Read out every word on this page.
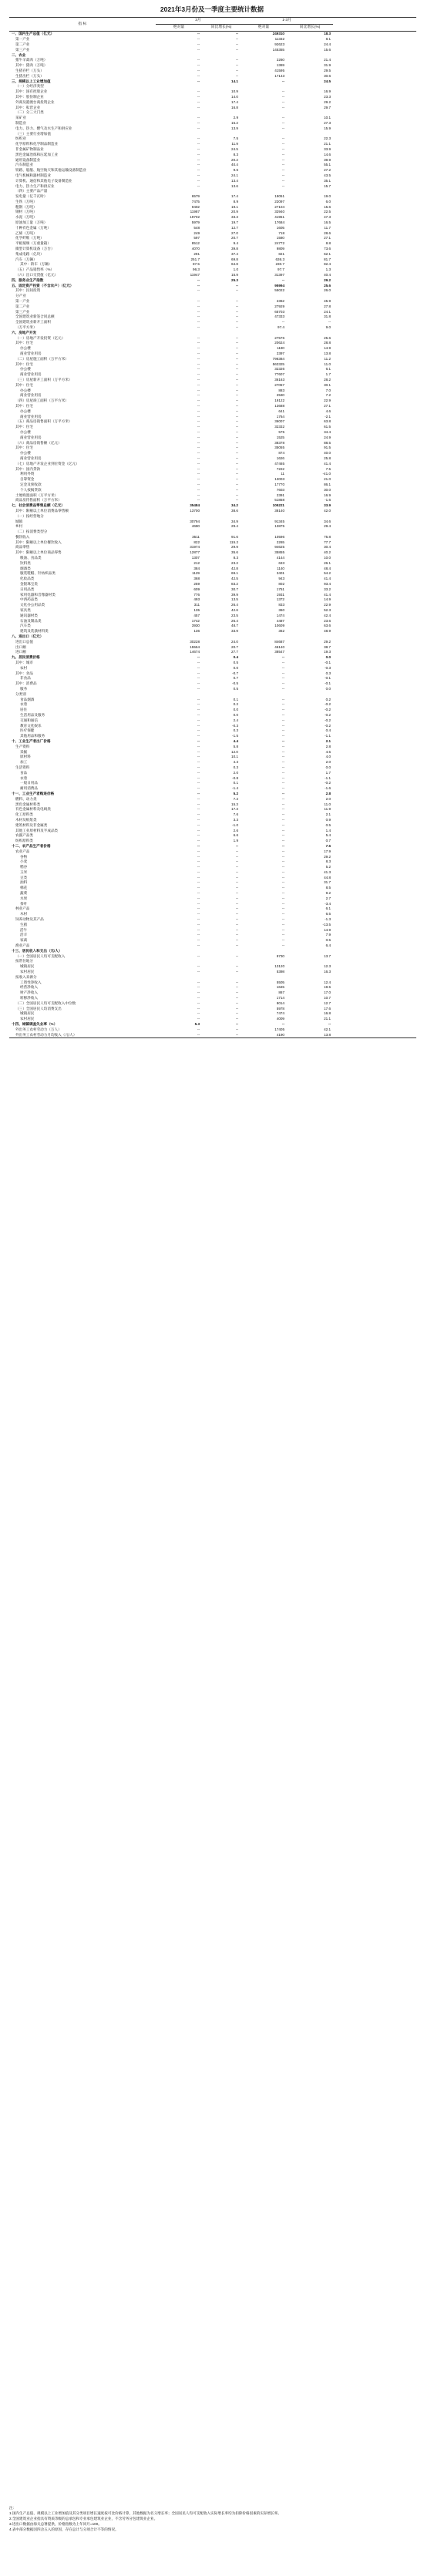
2021年3月份及一季度主要统计数据
指 标	3月		1-3月		
	绝对量	同比增长(%)	绝对量	同比增长(%)	
一、国内生产总值（亿元）	--	--	249310	18.3	
第一产业	--	--	11332	8.1	
第二产业	--	--	92623	24.4	
第三产业	--	--	145355	15.6	
二、农业					
猪牛羊禽肉（万吨）	--	--	2260	21.4	
其中：猪肉（万吨）	--	--	1369	31.9	
生猪存栏（万头）	--	--	41595	29.5	
生猪出栏（万头）	--	--	17143	30.6	
三、规模以上工业增加值	--	14.1	--	24.5	
（一）分经济类型					
其中：国有控股企业	--	10.9	--	16.9	
其中：股份制企业	--	14.0	--	23.3	
外商及港澳台商投资企业	--	17.4	--	29.2	
其中：私营企业	--	16.8	--	29.7	
（二）分三大门类					
采矿业	--	2.9	--	10.1	
制造业	--	15.2	--	27.3	
电力、热力、燃气及水生产和供应业	--	13.9	--	15.9	
（三）主要行业增加值					
纺织业	--	7.5	--	22.3	
化学原料和化学制品制造业	--	11.9	--	21.1	
非金属矿物制品业	--	24.5	--	33.9	
黑色金属冶炼和压延加工业	--	8.3	--	14.6	
通用设备制造业	--	20.2	--	39.9	
汽车制造业	--	40.4	--	55.1	
铁路、船舶、航空航天和其他运输设备制造业	--	9.6	--	27.2	
电气机械和器材制造业	--	24.1	--	43.5	
计算机、通信和其他电子设备制造业	--	13.4	--	35.1	
电力、热力生产和供应业	--	13.6	--	15.7	
（四）主要产品产量					
发电量（亿千瓦时）	6579	17.4	19051	19.0	
生铁（万吨）	7475	8.9	22097	6.0	
粗钢（万吨）	9402	19.1	27104	15.6	
钢材（万吨）	11987	20.9	32940	22.5	
水泥（万吨）	19702	33.3	41951	47.3	
原油加工量（万吨）	5979	19.7	17684	16.5	
十种有色金属（万吨）	548	12.7	1605	11.7	
乙烯（万吨）	249	27.0	718	28.6	
化学纤维（万吨）	597	20.7	1580	27.1	
平板玻璃（万重量箱）	8512	9.4	24772	8.8	
微型计算机设备（万台）	4070	39.8	9809	73.6	
集成电路（亿块）	291	37.4	821	62.1	
汽车（万辆）	251.7	69.8	636.3	81.7	
其中：轿车（万辆）	87.5	64.8	230.7	82.4	
（五）产品销售率（%）	96.3	1.0	97.7	1.3	
（六）出口交货值（亿元）	11947	15.9	31397	40.4	
四、服务业生产指数	--	25.3	--	29.2	
五、固定资产投资（不含农户）（亿元）	--	--	95994	25.6	
其中：民间投资	--	--	55022	26.0	
分产业					
第一产业	--	--	2362	45.9	
第二产业	--	--	27929	27.8	
第三产业	--	--	65703	24.1	
全国建筑业新签合同总额	--	--	47333	31.8	
全国建筑业新开工面积	--	--	--	--	
（万平方米）	--	--	97.4	9.0	
六、房地产开发					
（一）房地产开发投资（亿元）	--	--	27576	25.6	
其中：住宅	--	--	20624	28.8	
办公楼	--	--	1190	14.9	
商业营业用房	--	--	2397	13.8	
（二）房屋施工面积（万平方米）	--	--	796384	11.2	
其中：住宅	--	--	563325	11.0	
办公楼	--	--	32326	6.1	
商业营业用房	--	--	77607	1.7	
（三）房屋新开工面积（万平方米）	--	--	36163	28.2	
其中：住宅	--	--	27057	30.1	
办公楼	--	--	883	7.0	
商业营业用房	--	--	2530	7.2	
（四）房屋竣工面积（万平方米）	--	--	19122	22.9	
其中：住宅	--	--	13688	27.1	
办公楼	--	--	641	4.6	
商业营业用房	--	--	1764	-2.1	
（五）商品房销售面积（万平方米）	--	--	36007	63.8	
其中：住宅	--	--	32332	61.5	
办公楼	--	--	575	34.4	
商业营业用房	--	--	1525	24.9	
（六）商品房销售额（亿元）	--	--	38378	88.5	
其中：住宅	--	--	35055	91.5	
办公楼	--	--	874	40.0	
商业营业用房	--	--	1626	25.8	
（七）房地产开发企业到位资金（亿元）	--	--	47465	41.4	
其中：国内贷款	--	--	7222	7.5	
利用外资	--	--	11	-41.0	
自筹资金	--	--	13003	21.0	
定金及预收款	--	--	17770	86.1	
个人按揭贷款	--	--	7603	30.0	
土地购置面积（万平方米）	--	--	2391	16.9	
商品房待售面积（万平方米）	--	--	51858	-1.6	
七、社会消费品零售总额（亿元）	35484	34.2	105221	33.9	
其中：限额以上单位消费品零售额	13700	38.6	38140	42.0	
（一）按经营地分					
城镇	30794	34.9	91345	34.6	
乡村	4690	29.4	13875	29.4	
（二）按消费类型分					
餐饮收入	3511	91.6	10596	75.8	
其中：限额以上单位餐饮收入	822	115.2	2265	77.7	
商品零售	31974	29.9	94625	30.4	
其中：限额以上单位商品零售	12877	35.6	35855	40.2	
粮油、食品类	1307	8.3	4144	10.0	
饮料类	212	23.2	633	26.1	
烟酒类	384	42.8	1140	48.4	
服装鞋帽、针纺织品类	1129	69.1	3401	54.2	
化妆品类	368	42.5	943	41.4	
金银珠宝类	259	83.2	802	93.4	
日用品类	609	30.7	1751	33.2	
家用电器和音像器材类	776	39.9	1931	41.4	
中西药品类	493	13.5	1372	14.9	
文化办公用品类	311	26.4	833	22.9	
家具类	135	42.6	360	52.3	
通讯器材类	457	23.5	1474	42.4	
石油及制品类	1742	26.4	4487	23.6	
汽车类	3930	48.7	10609	63.6	
建筑及装潢材料类	136	33.9	362	48.9	
八、进出口（亿元）					
进出口总值	30228	24.0	84687	29.2	
出口额	15554	20.7	46140	38.7	
进口额	14674	27.7	38547	19.3	
九、居民消费价格	--	0.4	--	0.0	
其中：城市	--	0.5	--	-0.1	
农村	--	0.0	--	-0.3	
其中：食品	--	-0.7	--	0.3	
非食品	--	0.7	--	-0.1	
其中：消费品	--	-0.5	--	-0.1	
服务	--	0.5	--	0.0	
分类别					
食品烟酒	--	0.1	--	0.2	
衣着	--	0.2	--	-0.2	
居住	--	0.0	--	-0.2	
生活用品及服务	--	0.0	--	-0.2	
交通和通信	--	2.4	--	-0.2	
教育文化娱乐	--	-0.3	--	-0.2	
医疗保健	--	0.3	--	0.4	
其他用品和服务	--	-1.5	--	-1.1	
十、工业生产者出厂价格	--	4.4	--	2.1	
生产资料	--	5.8	--	2.8	
采掘	--	12.0	--	4.5	
原材料	--	10.1	--	4.0	
加工	--	4.3	--	2.0	
生活资料	--	0.3	--	0.0	
食品	--	2.0	--	1.7	
衣着	--	-0.8	--	-1.1	
一般日用品	--	0.1	--	-0.2	
耐用消费品	--	-1.4	--	-1.6	
十一、工业生产者购进价格	--	5.2	--	2.8	
燃料、动力类	--	7.2	--	2.0	
黑色金属材料类	--	15.3	--	11.0	
有色金属材料及电线类	--	17.3	--	11.9	
化工原料类	--	7.6	--	2.1	
木材及纸浆类	--	3.3	--	0.9	
建筑材料及非金属类	--	-1.0	--	0.5	
其他工业原材料及半成品类	--	2.6	--	1.4	
农副产品类	--	6.6	--	5.4	
纺织原料类	--	1.9	--	0.7	
十二、农产品生产者价格	--	--	--	7.6	
农业产品	--	--	--	17.9	
谷物	--	--	--	29.2	
小麦	--	--	--	8.3	
稻谷	--	--	--	5.2	
玉米	--	--	--	41.3	
豆类	--	--	--	44.8	
油料	--	--	--	31.7	
棉花	--	--	--	8.5	
蔬菜	--	--	--	9.2	
水果	--	--	--	2.7	
茶叶	--	--	--	-3.4	
林业产品	--	--	--	6.1	
木材	--	--	--	6.5	
饲养动物及其产品	--	--	--	-1.3	
生猪	--	--	--	-13.5	
活牛	--	--	--	14.9	
活羊	--	--	--	7.9	
家禽	--	--	--	0.5	
渔业产品	--	--	--	6.4	
十三、居民收入和支出（元/人）					
（一）全国居民人均可支配收入	--	--	9730	13.7	
按常住地分					
城镇居民	--	--	13120	12.3	
农村居民	--	--	5398	16.3	
按收入来源分					
工资性净收入	--	--	5505	12.4	
经营净收入	--	--	1645	19.5	
财产净收入	--	--	867	17.0	
转移净收入	--	--	1714	10.7	
（二）全国居民人均可支配收入中位数	--	--	8014	12.7	
（三）全国居民人均消费支出	--	--	5978	17.6	
城镇居民	--	--	7474	16.8	
农村居民	--	--	4009	21.1	
十四、城镇调查失业率（%）	5.3	--	--	--	
外出务工农村劳动力（万人）	--	--	17405	42.1	
外出务工农村劳动力月均收入（元/人）	--	--	4190	13.8	

注：

1.国内生产总值、规模以上工业增加值及其分类项目增长速度按可比价格计算，其他数据为名义增长率；全国居民人均可支配收入实际增长率均为扣除价格因素的实际增长率。

2.全国建筑业企业指具有资质等级的总承包和专业承包建筑业企业，不含劳务分包建筑业企业。

3.进出口数据由海关总署提供，价格指数为上年同月=100。

4.表中部分数据因四舍五入的原因，存在总计与分项合计不等的情况。
